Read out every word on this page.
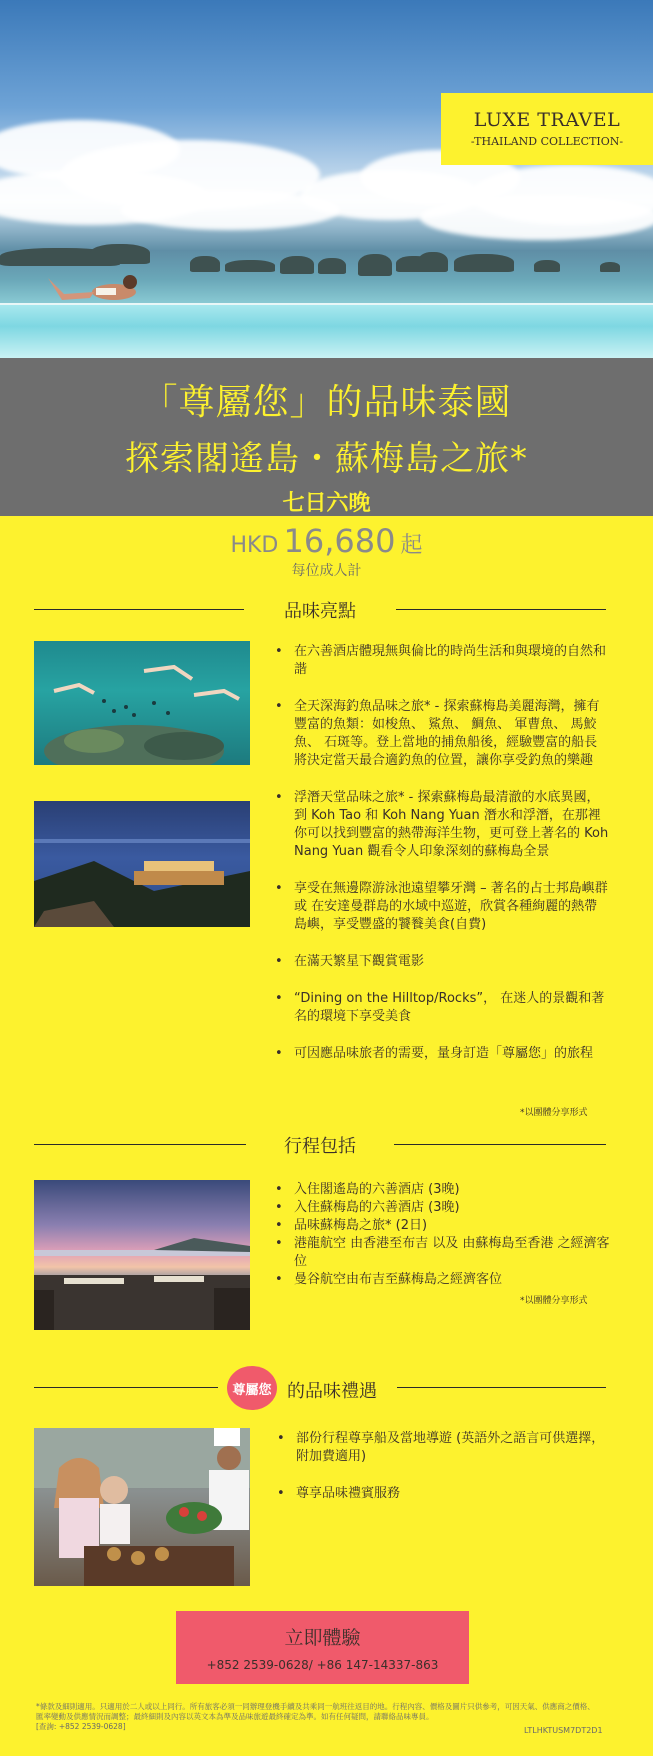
LUXE TRAVEL
-THAILAND COLLECTION-
「尊屬您」的品味泰國
探索閣遙島・蘇梅島之旅*
七日六晚
HKD 16,680 起
每位成人計
品味亮點
• 在六善酒店體現無與倫比的時尚生活和與環境的自然和諧
• 全天深海釣魚品味之旅* - 探索蘇梅島美麗海灣，擁有豐富的魚類：如梭魚、 鯊魚、 鯛魚、 軍曹魚、 馬鮫魚、 石斑等。登上當地的捕魚船後，經驗豐富的船長將決定當天最合適釣魚的位置，讓你享受釣魚的樂趣
• 浮潛天堂品味之旅* - 探索蘇梅島最清澈的水底異國，到 Koh Tao 和 Koh Nang Yuan 潛水和浮潛，在那裡你可以找到豐富的熱帶海洋生物，更可登上著名的 Koh Nang Yuan 觀看令人印象深刻的蘇梅島全景
• 享受在無邊際游泳池遠望攀牙灣 – 著名的占士邦島嶼群 或 在安達曼群島的水域中巡遊，欣賞各種絢麗的熱帶島嶼，享受豐盛的饕餮美食(自費)
• 在滿天繁星下觀賞電影
• “Dining on the Hilltop/Rocks”， 在迷人的景觀和著名的環境下享受美食
• 可因應品味旅者的需要，量身訂造「尊屬您」的旅程
*以團體分享形式
行程包括
• 入住閣遙島的六善酒店 (3晚)
• 入住蘇梅島的六善酒店 (3晚)
• 品味蘇梅島之旅* (2日)
• 港龍航空 由香港至布吉 以及 由蘇梅島至香港 之經濟客位
• 曼谷航空由布吉至蘇梅島之經濟客位
*以團體分享形式
尊屬您 的品味禮遇
• 部份行程尊享船及當地導遊 (英語外之語言可供選擇，附加費適用)
• 尊享品味禮賓服務
立即體驗
+852 2539-0628/ +86 147-14337-863
*條款及細則適用。只適用於二人或以上同行。所有旅客必須一同辦理登機手續及共乘同一航班往返目的地。行程內容、價格及圖片只供參考，可因天氣、供應商之價格、匯率變動及供應情況而調整；最終細則及內容以英文本為準及品味旅遊最終確定為準。如有任何疑問，請聯絡品味專員。
[查詢: +852 2539-0628]	LTLHKTUSM7DT2D1
